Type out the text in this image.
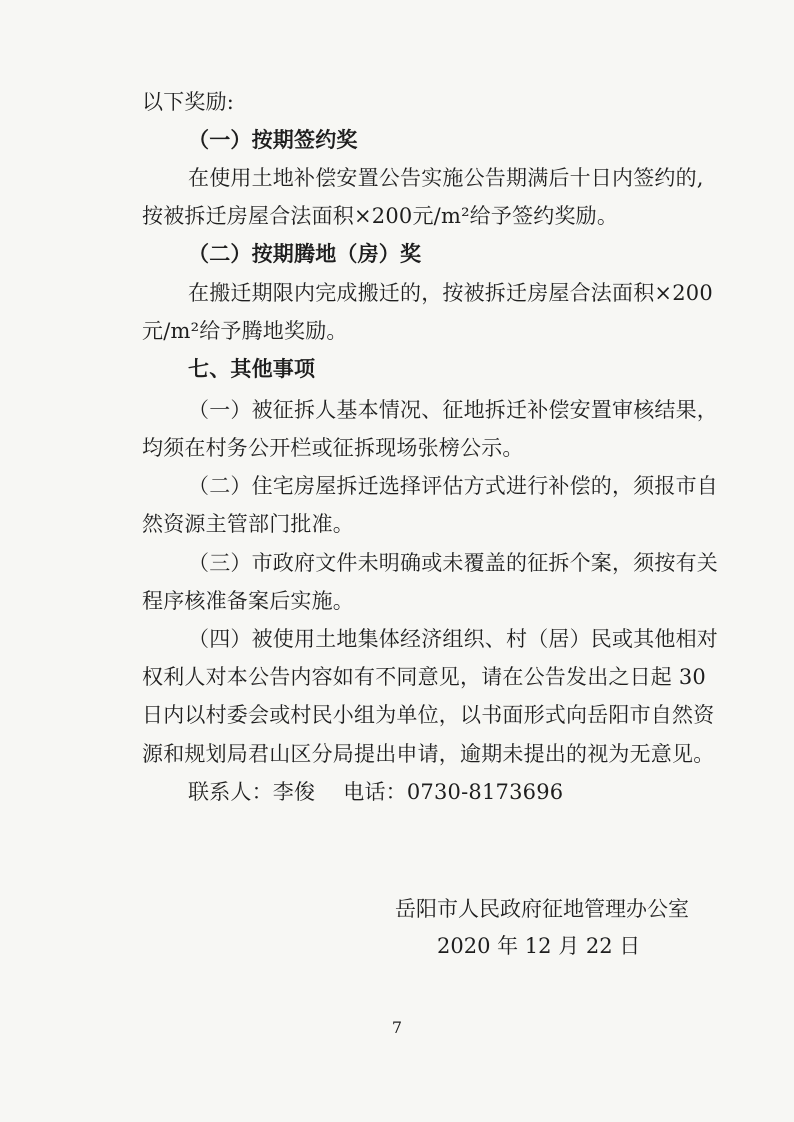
以下奖励:
（一）按期签约奖
在使用土地补偿安置公告实施公告期满后十日内签约的,
按被拆迁房屋合法面积×200元/m²给予签约奖励。
（二）按期腾地（房）奖
在搬迁期限内完成搬迁的，按被拆迁房屋合法面积×200
元/m²给予腾地奖励。
七、其他事项
（一）被征拆人基本情况、征地拆迁补偿安置审核结果，
均须在村务公开栏或征拆现场张榜公示。
（二）住宅房屋拆迁选择评估方式进行补偿的，须报市自
然资源主管部门批准。
（三）市政府文件未明确或未覆盖的征拆个案，须按有关
程序核准备案后实施。
（四）被使用土地集体经济组织、村（居）民或其他相对
权利人对本公告内容如有不同意见，请在公告发出之日起 30
日内以村委会或村民小组为单位，以书面形式向岳阳市自然资
源和规划局君山区分局提出申请，逾期未提出的视为无意见。
联系人：李俊　 电话：0730-8173696
岳阳市人民政府征地管理办公室
2020 年 12 月 22 日
7
